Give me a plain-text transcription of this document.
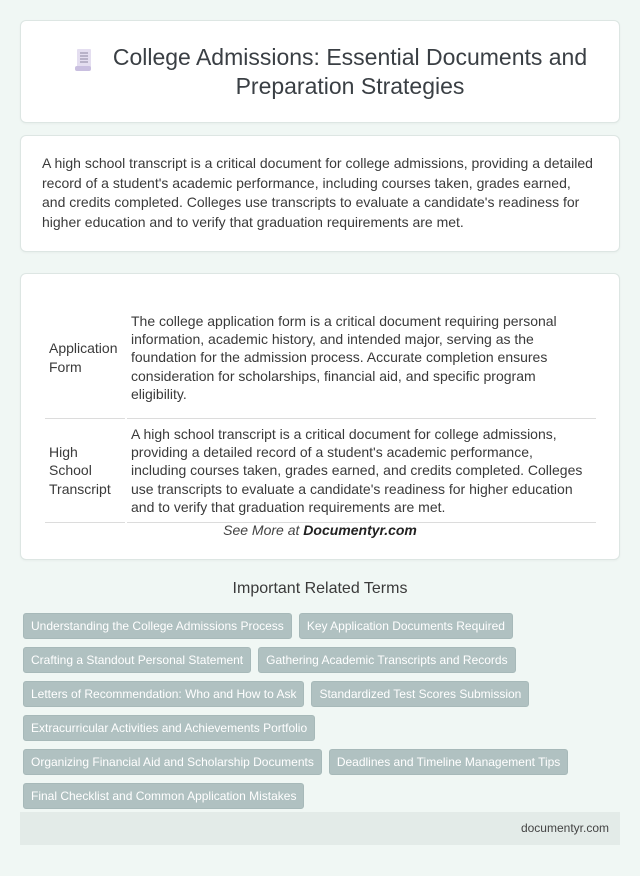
College Admissions: Essential Documents and Preparation Strategies

A high school transcript is a critical document for college admissions, providing a detailed record of a student's academic performance, including courses taken, grades earned, and credits completed. Colleges use transcripts to evaluate a candidate's readiness for higher education and to verify that graduation requirements are met.

Application Form	The college application form is a critical document requiring personal information, academic history, and intended major, serving as the foundation for the admission process. Accurate completion ensures consideration for scholarships, financial aid, and specific program eligibility.
High School Transcript	A high school transcript is a critical document for college admissions, providing a detailed record of a student's academic performance, including courses taken, grades earned, and credits completed. Colleges use transcripts to evaluate a candidate's readiness for higher education and to verify that graduation requirements are met.
See More at Documentyr.com
Important Related Terms
Understanding the College Admissions Process	Key Application Documents Required
Crafting a Standout Personal Statement	Gathering Academic Transcripts and Records
Letters of Recommendation: Who and How to Ask	Standardized Test Scores Submission
Extracurricular Activities and Achievements Portfolio
Organizing Financial Aid and Scholarship Documents	Deadlines and Timeline Management Tips
Final Checklist and Common Application Mistakes
documentyr.com
